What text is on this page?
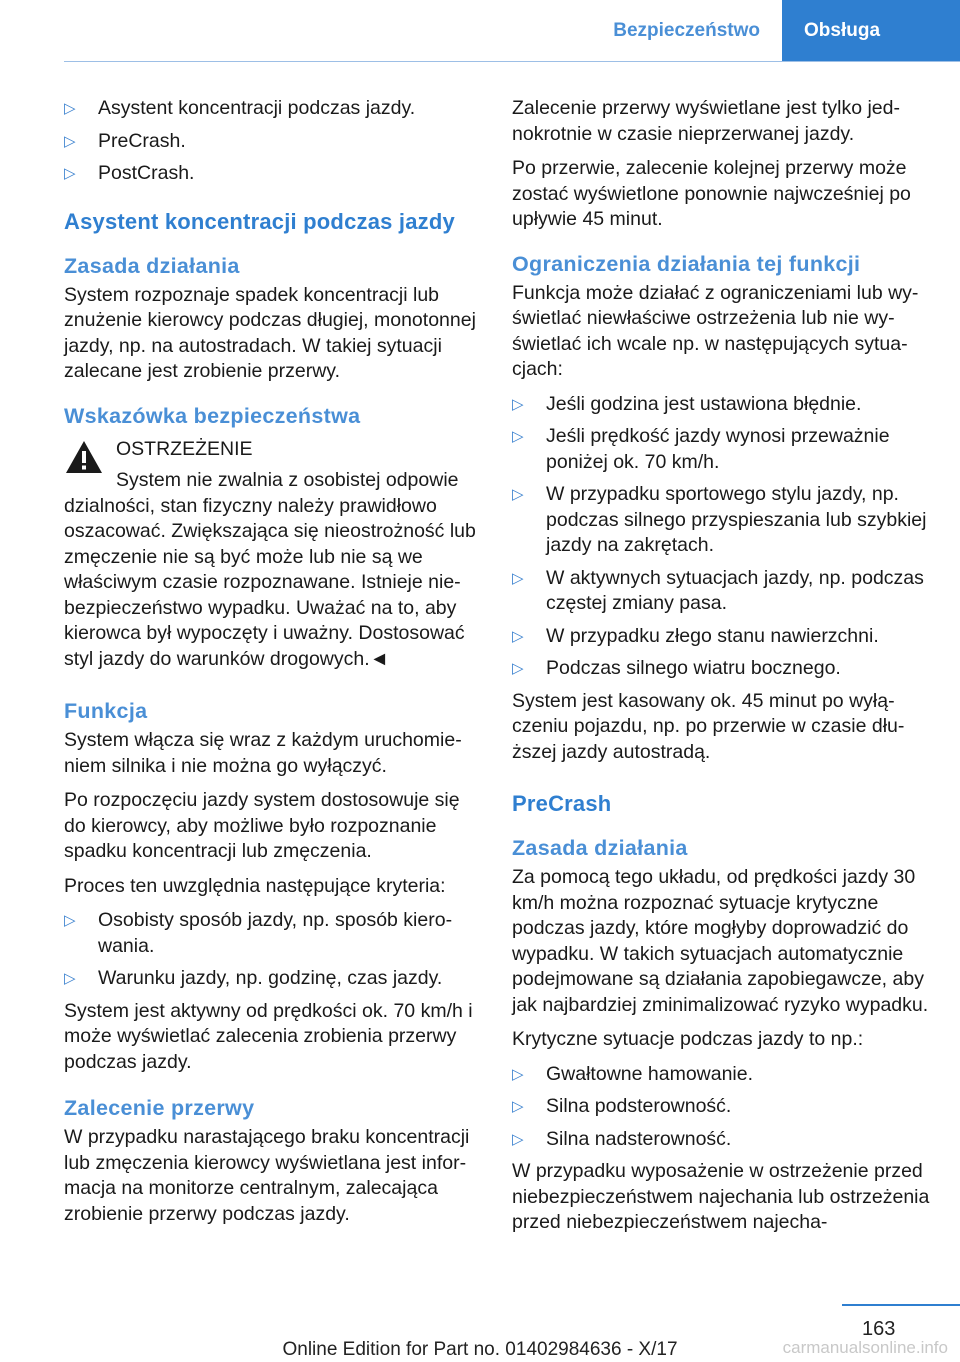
Bezpieczeństwo	Obsługa
▷ Asystent koncentracji podczas jazdy.
▷ PreCrash.
▷ PostCrash.
Asystent koncentracji podczas jazdy
Zasada działania

System rozpoznaje spadek koncentracji lub znużenie kierowcy podczas długiej, monotonnej jazdy, np. na autostradach. W takiej sytuacji zalecane jest zrobienie przerwy.

Wskazówka bezpieczeństwa

OSTRZEŻENIE

System nie zwalnia z osobistej odpowie

dzialności, stan fizyczny należy prawidłowo oszacować. Zwiększająca się nieostrożność lub zmęczenie nie są być może lub nie są we właściwym czasie rozpoznawane. Istnieje niebezpieczeństwo wypadku. Uważać na to, aby kierowca był wypoczęty i uważny. Dostosować styl jazdy do warunków drogowych.◄

Funkcja

System włącza się wraz z każdym uruchomieniem silnika i nie można go wyłączyć.

Po rozpoczęciu jazdy system dostosowuje się do kierowcy, aby możliwe było rozpoznanie spadku koncentracji lub zmęczenia.

Proces ten uwzględnia następujące kryteria:

▷ Osobisty sposób jazdy, np. sposób kierowania.
▷ Warunku jazdy, np. godzinę, czas jazdy.

System jest aktywny od prędkości ok. 70 km/h i może wyświetlać zalecenia zrobienia przerwy podczas jazdy.

Zalecenie przerwy

W przypadku narastającego braku koncentracji lub zmęczenia kierowcy wyświetlana jest informacja na monitorze centralnym, zalecająca zrobienie przerwy podczas jazdy.

Zalecenie przerwy wyświetlane jest tylko jednokrotnie w czasie nieprzerwanej jazdy.

Po przerwie, zalecenie kolejnej przerwy może zostać wyświetlone ponownie najwcześniej po upływie 45 minut.

Ograniczenia działania tej funkcji

Funkcja może działać z ograniczeniami lub wyświetlać niewłaściwe ostrzeżenia lub nie wyświetlać ich wcale np. w następujących sytuacjach:

▷ Jeśli godzina jest ustawiona błędnie.
▷ Jeśli prędkość jazdy wynosi przeważnie poniżej ok. 70 km/h.
▷ W przypadku sportowego stylu jazdy, np. podczas silnego przyspieszania lub szybkiej jazdy na zakrętach.
▷ W aktywnych sytuacjach jazdy, np. podczas częstej zmiany pasa.
▷ W przypadku złego stanu nawierzchni.
▷ Podczas silnego wiatru bocznego.

System jest kasowany ok. 45 minut po wyłączeniu pojazdu, np. po przerwie w czasie dłuższej jazdy autostradą.

PreCrash
Zasada działania

Za pomocą tego układu, od prędkości jazdy 30 km/h można rozpoznać sytuacje krytyczne podczas jazdy, które mogłyby doprowadzić do wypadku. W takich sytuacjach automatycznie podejmowane są działania zapobiegawcze, aby jak najbardziej zminimalizować ryzyko wypadku.

Krytyczne sytuacje podczas jazdy to np.:

▷ Gwałtowne hamowanie.
▷ Silna podsterowność.
▷ Silna nadsterowność.

W przypadku wyposażenie w ostrzeżenie przed niebezpieczeństwem najechania lub ostrzeżenia przed niebezpieczeństwem najecha-

163
Online Edition for Part no. 01402984636 - X/17	carmanualsonline.info
